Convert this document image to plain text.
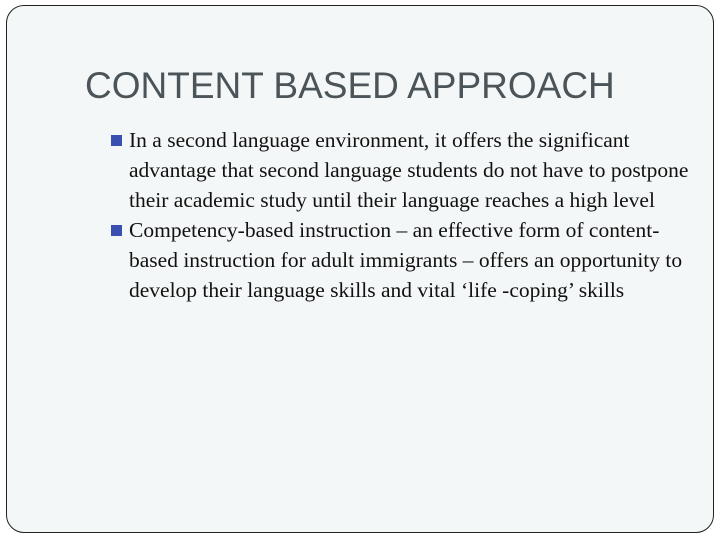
CONTENT BASED APPROACH
In a second language environment, it offers the significant advantage that second language students do not have to postpone their academic study until their language reaches a high level
Competency-based instruction – an effective form of content-based instruction for adult immigrants – offers an opportunity to develop their language skills and vital ‘life -coping’ skills
